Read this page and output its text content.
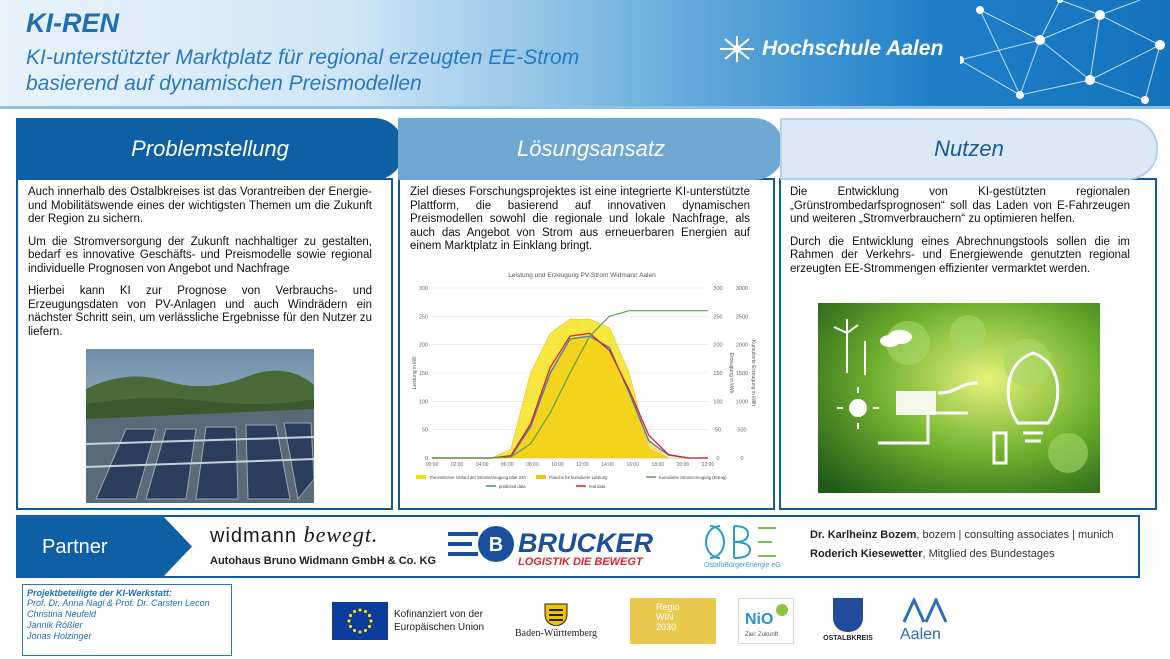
KI-REN
KI-unterstützter Marktplatz für regional erzeugten EE-Strom
basierend auf dynamischen Preismodellen
Hochschule Aalen
Problemstellung

Auch innerhalb des Ostalbkreises ist das Vorantreiben der Energie- und Mobilitätswende eines der wichtigsten Themen um die Zukunft der Region zu sichern.

Um die Stromversorgung der Zukunft nachhaltiger zu gestalten, bedarf es innovative Geschäfts- und Preismodelle sowie regional individuelle Prognosen von Angebot und Nachfrage

Hierbei kann KI zur Prognose von Verbrauchs- und Erzeugungsdaten von PV-Anlagen und auch Windrädern ein nächster Schritt sein, um verlässliche Ergebnisse für den Nutzer zu liefern.

Lösungsansatz

Ziel dieses Forschungsprojektes ist eine integrierte KI-unterstützte Plattform, die basierend auf innovativen dynamischen Preismodellen sowohl die regionale und lokale Nachfrage, als auch das Angebot von Strom aus erneuerbaren Energien auf einem Marktplatz in Einklang bringt.

Leistung und Erzeugung PV-Strom Widmann Aalen
0	0	0
50	50	500
100	100 1000
150	150 1500
200	200 2000
250	250 2500
300	300 3000
00:00	02:00	04:00	06:00	08:00	10:00	12:00	14:00	16:00	18:00	20:00	22:00
Leistung in kW	Erzeugung in kWh	Kumulierte Erzeugung in kWh
Theoretischer Verlauf der Stromerzeugung über 24h	Flaeche für kumulierte Leistung	Kumulierte Stromerzeugung (Ertrag)
predicted data	real data
Nutzen

Die Entwicklung von KI-gestützten regionalen „Grünstrombedarfsprognosen“ soll das Laden von E-Fahrzeugen und weiteren „Stromverbrauchern“ zu optimieren helfen.

Durch die Entwicklung eines Abrechnungstools sollen die im Rahmen der Verkehrs- und Energiewende genutzten regional erzeugten EE-Strommengen effizienter vermarktet werden.

Partner	widmann bewegt.
Autohaus Bruno Widmann GmbH & Co. KG
B BRUCKER
LOGISTIK DIE BEWEGT	OstalbBürgerEnergie eG
Dr. Karlheinz Bozem, bozem | consulting associates | munich
Roderich Kiesewetter, Mitglied des Bundestages
Projektbeteiligte der KI-Werkstatt:
Prof. Dr. Anna Nagl & Prof. Dr. Carsten Lecon
Christina Neufeld
Jannik Rößler
Jonas Holzinger
Kofinanziert von der
Europäischen Union
Baden-Württemberg
Regio
WIN
2030	NiO
Ziel: Zukunft	OSTALBKREIS	Aalen
